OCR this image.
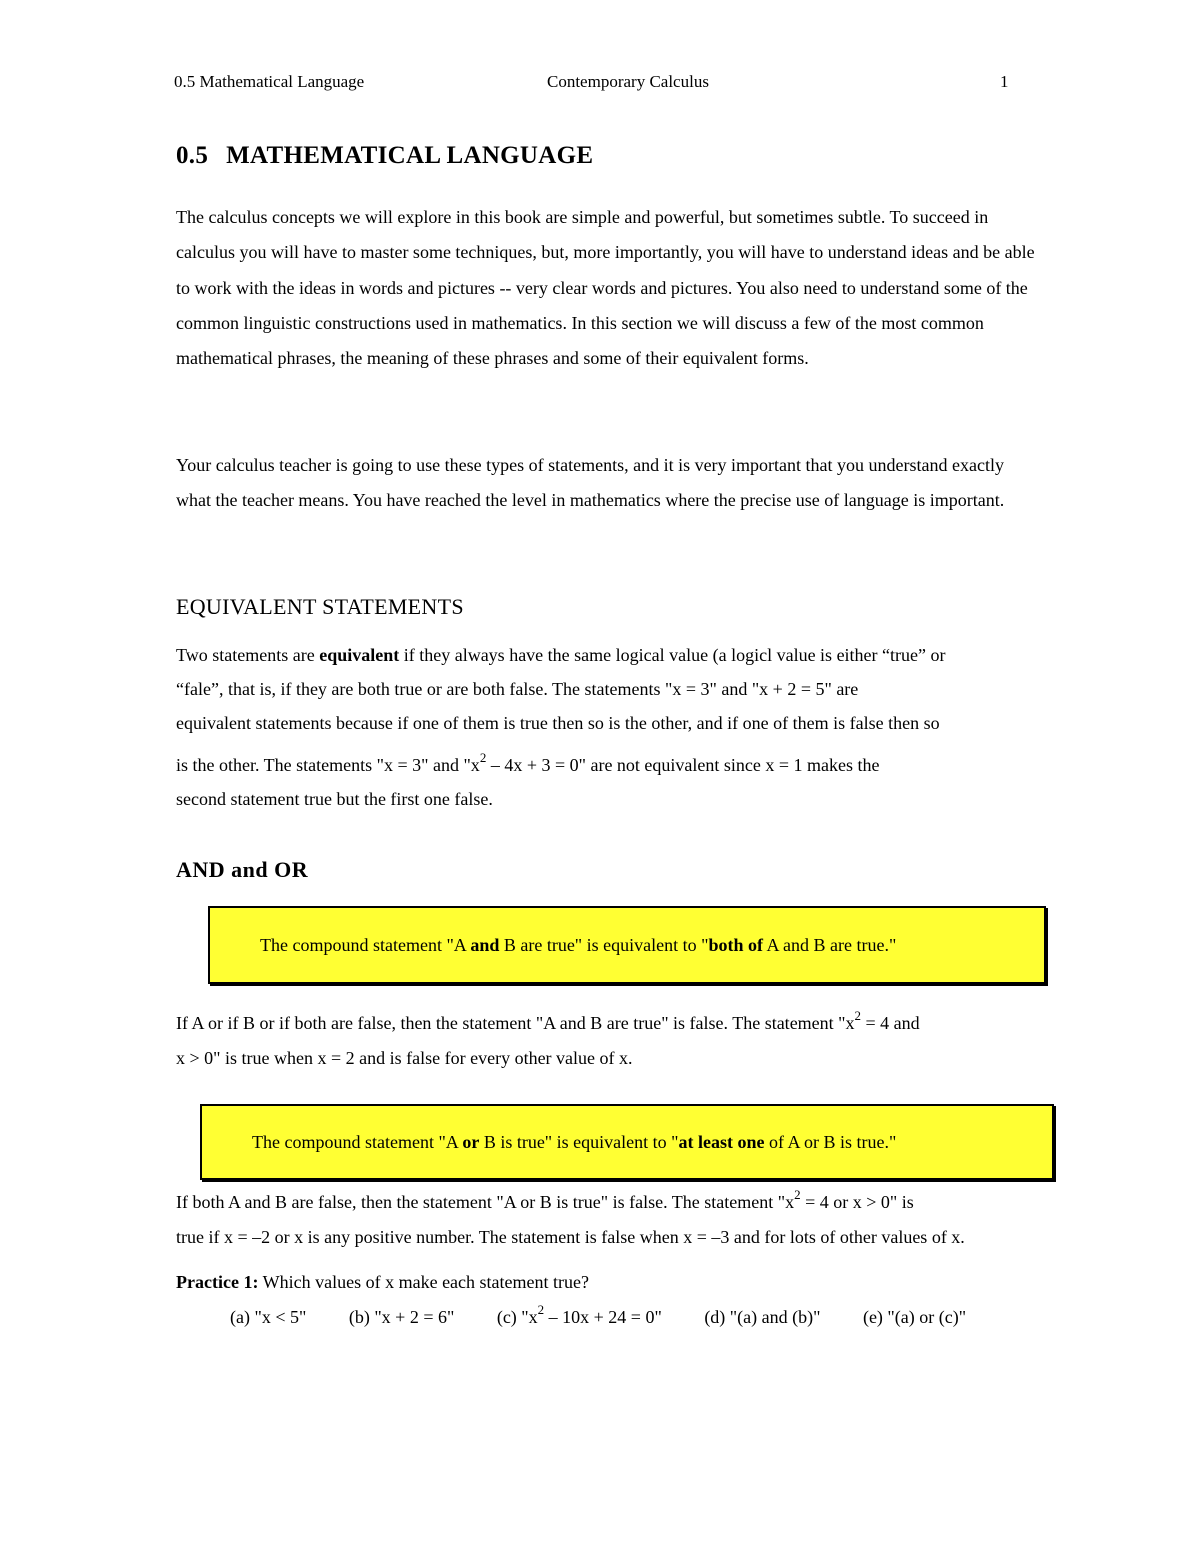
0.5 Mathematical Language	Contemporary Calculus	1
0.5 MATHEMATICAL LANGUAGE

The calculus concepts we will explore in this book are simple and powerful, but sometimes subtle. To succeed in calculus you will have to master some techniques, but, more importantly, you will have to understand ideas and be able to work with the ideas in words and pictures -- very clear words and pictures. You also need to understand some of the common linguistic constructions used in mathematics. In this section we will discuss a few of the most common mathematical phrases, the meaning of these phrases and some of their equivalent forms.

Your calculus teacher is going to use these types of statements, and it is very important that you understand exactly what the teacher means. You have reached the level in mathematics where the precise use of language is important.

EQUIVALENT STATEMENTS
Two statements are equivalent if they always have the same logical value (a logicl value is either “true” or
“fale”, that is, if they are both true or are both false. The statements "x = 3" and "x + 2 = 5" are
equivalent statements because if one of them is true then so is the other, and if one of them is false then so
is the other. The statements "x = 3" and "$x^2 - 4x + 3 = 0$" are not equivalent since x = 1 makes the
second statement true but the first one false.
AND and OR
The compound statement "A and B are true" is equivalent to "both of A and B are true."
If A or if B or if both are false, then the statement "A and B are true" is false. The statement "$x^2 = 4$ and
x > 0" is true when x = 2 and is false for every other value of x.
The compound statement "A or B is true" is equivalent to "at least one of A or B is true."
If both A and B are false, then the statement "A or B is true" is false. The statement "$x^2 = 4$ or x > 0" is
true if x = –2 or x is any positive number. The statement is false when x = –3 and for lots of other values of x.
Practice 1: Which values of x make each statement true?
(a) "x < 5" (b) "x + 2 = 6" (c) "$x^2 - 10x + 24 = 0$" (d) "(a) and (b)" (e) "(a) or (c)"
